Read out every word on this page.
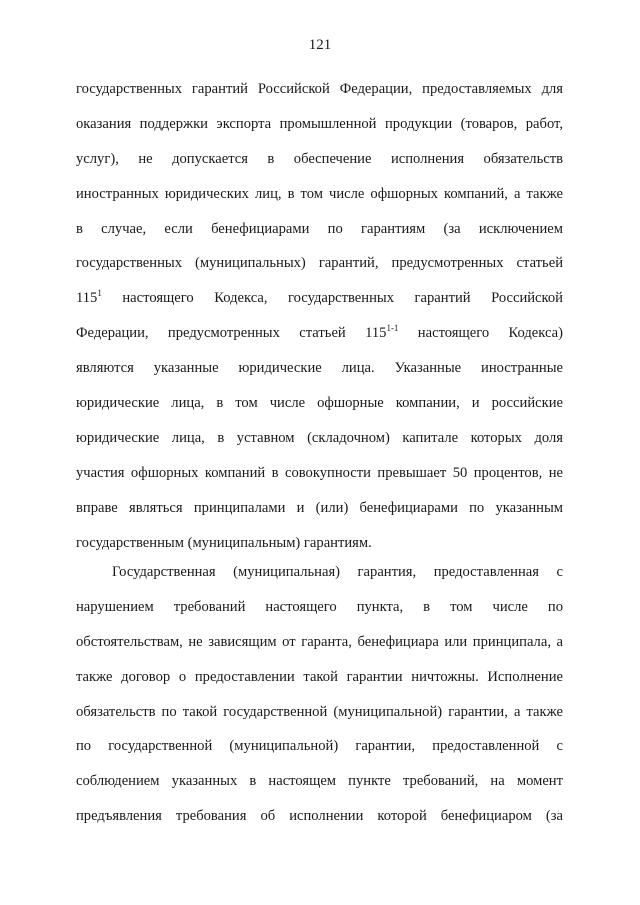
121
государственных гарантий Российской Федерации, предоставляемых для
оказания поддержки экспорта промышленной продукции (товаров, работ,
услуг), не допускается в обеспечение исполнения обязательств
иностранных юридических лиц, в том числе офшорных компаний, а также
в случае, если бенефициарами по гарантиям (за исключением
государственных (муниципальных) гарантий, предусмотренных статьей
$115^1$ настоящего Кодекса, государственных гарантий Российской
Федерации, предусмотренных статьей 115$^{1-1}$ настоящего Кодекса)
являются указанные юридические лица. Указанные иностранные
юридические лица, в том числе офшорные компании, и российские
юридические лица, в уставном (складочном) капитале которых доля
участия офшорных компаний в совокупности превышает 50 процентов, не
вправе являться принципалами и (или) бенефициарами по указанным
государственным (муниципальным) гарантиям.
Государственная (муниципальная) гарантия, предоставленная с
нарушением требований настоящего пункта, в том числе по
обстоятельствам, не зависящим от гаранта, бенефициара или принципала, а
также договор о предоставлении такой гарантии ничтожны. Исполнение
обязательств по такой государственной (муниципальной) гарантии, а также
по государственной (муниципальной) гарантии, предоставленной с
соблюдением указанных в настоящем пункте требований, на момент
предъявления требования об исполнении которой бенефициаром (за
